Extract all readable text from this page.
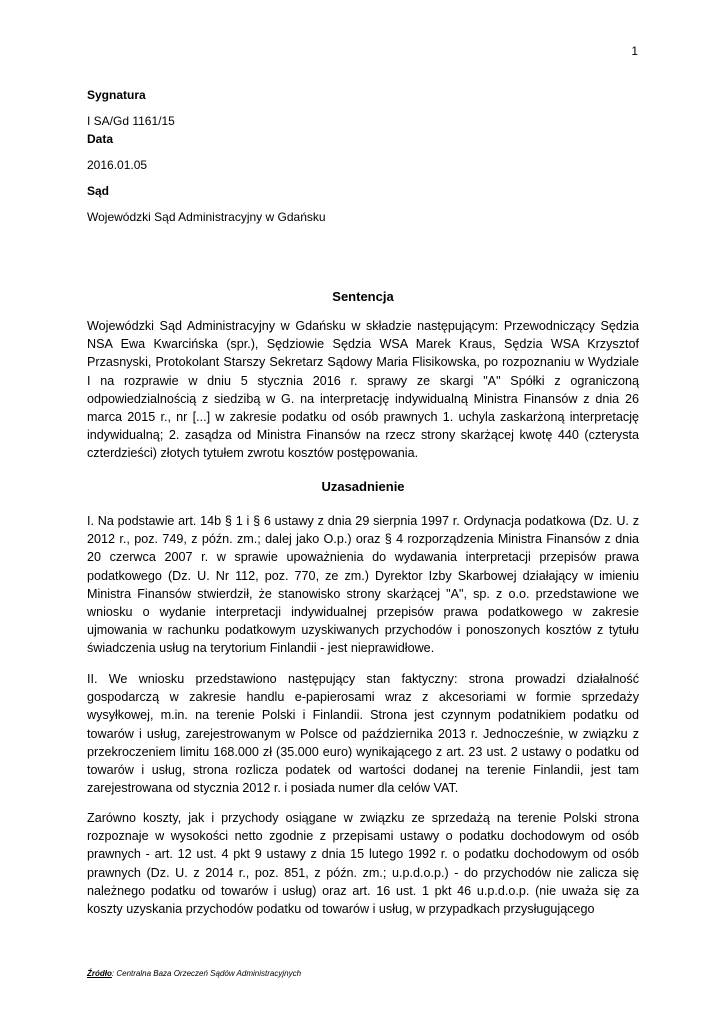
1
Sygnatura
I SA/Gd 1161/15
Data
2016.01.05
Sąd
Wojewódzki Sąd Administracyjny w Gdańsku
Sentencja

Wojewódzki Sąd Administracyjny w Gdańsku w składzie następującym: Przewodniczący Sędzia NSA Ewa Kwarcińska (spr.), Sędziowie Sędzia WSA Marek Kraus, Sędzia WSA Krzysztof Przasnyski, Protokolant Starszy Sekretarz Sądowy Maria Flisikowska, po rozpoznaniu w Wydziale I na rozprawie w dniu 5 stycznia 2016 r. sprawy ze skargi "A" Spółki z ograniczoną odpowiedzialnością z siedzibą w G. na interpretację indywidualną Ministra Finansów z dnia 26 marca 2015 r., nr [...] w zakresie podatku od osób prawnych 1. uchyla zaskarżoną interpretację indywidualną; 2. zasądza od Ministra Finansów na rzecz strony skarżącej kwotę 440 (czterysta czterdzieści) złotych tytułem zwrotu kosztów postępowania.

Uzasadnienie

I. Na podstawie art. 14b § 1 i § 6 ustawy z dnia 29 sierpnia 1997 r. Ordynacja podatkowa (Dz. U. z 2012 r., poz. 749, z późn. zm.; dalej jako O.p.) oraz § 4 rozporządzenia Ministra Finansów z dnia 20 czerwca 2007 r. w sprawie upoważnienia do wydawania interpretacji przepisów prawa podatkowego (Dz. U. Nr 112, poz. 770, ze zm.) Dyrektor Izby Skarbowej działający w imieniu Ministra Finansów stwierdził, że stanowisko strony skarżącej "A", sp. z o.o. przedstawione we wniosku o wydanie interpretacji indywidualnej przepisów prawa podatkowego w zakresie ujmowania w rachunku podatkowym uzyskiwanych przychodów i ponoszonych kosztów z tytułu świadczenia usług na terytorium Finlandii - jest nieprawidłowe.

II. We wniosku przedstawiono następujący stan faktyczny: strona prowadzi działalność gospodarczą w zakresie handlu e-papierosami wraz z akcesoriami w formie sprzedaży wysyłkowej, m.in. na terenie Polski i Finlandii. Strona jest czynnym podatnikiem podatku od towarów i usług, zarejestrowanym w Polsce od października 2013 r. Jednocześnie, w związku z przekroczeniem limitu 168.000 zł (35.000 euro) wynikającego z art. 23 ust. 2 ustawy o podatku od towarów i usług, strona rozlicza podatek od wartości dodanej na terenie Finlandii, jest tam zarejestrowana od stycznia 2012 r. i posiada numer dla celów VAT.

Zarówno koszty, jak i przychody osiągane w związku ze sprzedażą na terenie Polski strona rozpoznaje w wysokości netto zgodnie z przepisami ustawy o podatku dochodowym od osób prawnych - art. 12 ust. 4 pkt 9 ustawy z dnia 15 lutego 1992 r. o podatku dochodowym od osób prawnych (Dz. U. z 2014 r., poz. 851, z późn. zm.; u.p.d.o.p.) - do przychodów nie zalicza się należnego podatku od towarów i usług) oraz art. 16 ust. 1 pkt 46 u.p.d.o.p. (nie uważa się za koszty uzyskania przychodów podatku od towarów i usług, w przypadkach przysługującego

Źródło: Centralna Baza Orzeczeń Sądów Administracyjnych
